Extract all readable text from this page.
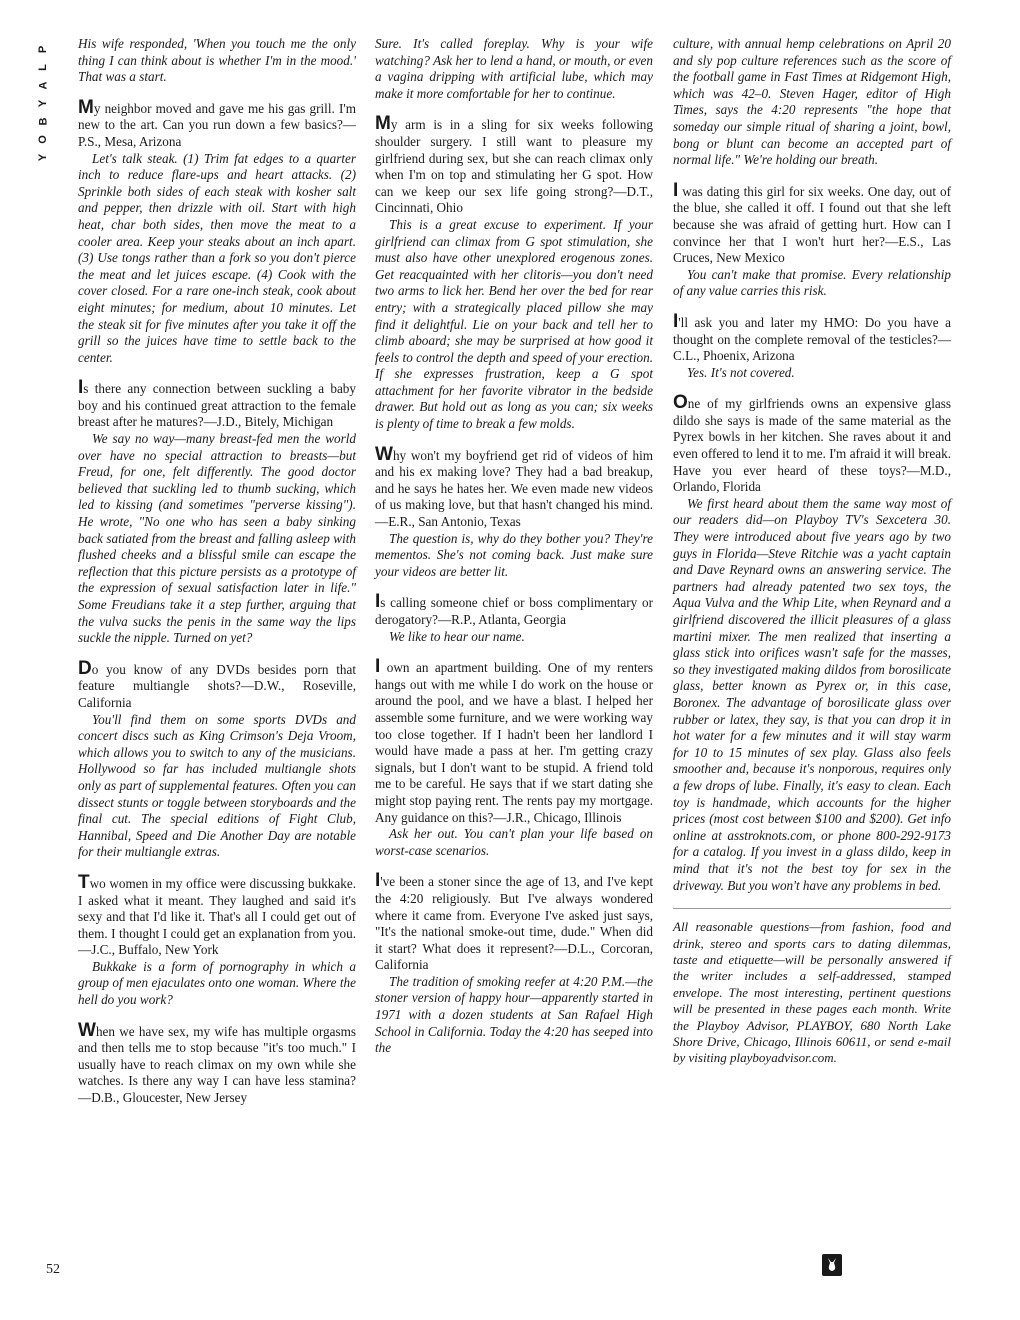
P
L
A
Y
B
O
Y

His wife responded, 'When you touch me the only thing I can think about is whether I'm in the mood.' That was a start.

My neighbor moved and gave me his gas grill. I'm new to the art. Can you run down a few basics?—P.S., Mesa, Arizona

Let's talk steak. (1) Trim fat edges to a quarter inch to reduce flare-ups and heart attacks. (2) Sprinkle both sides of each steak with kosher salt and pepper, then drizzle with oil. Start with high heat, char both sides, then move the meat to a cooler area. Keep your steaks about an inch apart. (3) Use tongs rather than a fork so you don't pierce the meat and let juices escape. (4) Cook with the cover closed. For a rare one-inch steak, cook about eight minutes; for medium, about 10 minutes. Let the steak sit for five minutes after you take it off the grill so the juices have time to settle back to the center.

Is there any connection between suckling a baby boy and his continued great attraction to the female breast after he matures?—J.D., Bitely, Michigan

We say no way—many breast-fed men the world over have no special attraction to breasts—but Freud, for one, felt differently. The good doctor believed that suckling led to thumb sucking, which led to kissing (and sometimes "perverse kissing"). He wrote, "No one who has seen a baby sinking back satiated from the breast and falling asleep with flushed cheeks and a blissful smile can escape the reflection that this picture persists as a prototype of the expression of sexual satisfaction later in life." Some Freudians take it a step further, arguing that the vulva sucks the penis in the same way the lips suckle the nipple. Turned on yet?

Do you know of any DVDs besides porn that feature multiangle shots?—D.W., Roseville, California

You'll find them on some sports DVDs and concert discs such as King Crimson's Deja Vroom, which allows you to switch to any of the musicians. Hollywood so far has included multiangle shots only as part of supplemental features. Often you can dissect stunts or toggle between storyboards and the final cut. The special editions of Fight Club, Hannibal, Speed and Die Another Day are notable for their multiangle extras.

Two women in my office were discussing bukkake. I asked what it meant. They laughed and said it's sexy and that I'd like it. That's all I could get out of them. I thought I could get an explanation from you.—J.C., Buffalo, New York

Bukkake is a form of pornography in which a group of men ejaculates onto one woman. Where the hell do you work?

When we have sex, my wife has multiple orgasms and then tells me to stop because "it's too much." I usually have to reach climax on my own while she watches. Is there any way I can have less stamina?—D.B., Gloucester, New Jersey

Sure. It's called foreplay. Why is your wife watching? Ask her to lend a hand, or mouth, or even a vagina dripping with artificial lube, which may make it more comfortable for her to continue.

My arm is in a sling for six weeks following shoulder surgery. I still want to pleasure my girlfriend during sex, but she can reach climax only when I'm on top and stimulating her G spot. How can we keep our sex life going strong?—D.T., Cincinnati, Ohio

This is a great excuse to experiment. If your girlfriend can climax from G spot stimulation, she must also have other unexplored erogenous zones. Get reacquainted with her clitoris—you don't need two arms to lick her. Bend her over the bed for rear entry; with a strategically placed pillow she may find it delightful. Lie on your back and tell her to climb aboard; she may be surprised at how good it feels to control the depth and speed of your erection. If she expresses frustration, keep a G spot attachment for her favorite vibrator in the bedside drawer. But hold out as long as you can; six weeks is plenty of time to break a few molds.

Why won't my boyfriend get rid of videos of him and his ex making love? They had a bad breakup, and he says he hates her. We even made new videos of us making love, but that hasn't changed his mind.—E.R., San Antonio, Texas

The question is, why do they bother you? They're mementos. She's not coming back. Just make sure your videos are better lit.

Is calling someone chief or boss complimentary or derogatory?—R.P., Atlanta, Georgia

We like to hear our name.

I own an apartment building. One of my renters hangs out with me while I do work on the house or around the pool, and we have a blast. I helped her assemble some furniture, and we were working way too close together. If I hadn't been her landlord I would have made a pass at her. I'm getting crazy signals, but I don't want to be stupid. A friend told me to be careful. He says that if we start dating she might stop paying rent. The rents pay my mortgage. Any guidance on this?—J.R., Chicago, Illinois

Ask her out. You can't plan your life based on worst-case scenarios.

I've been a stoner since the age of 13, and I've kept the 4:20 religiously. But I've always wondered where it came from. Everyone I've asked just says, "It's the national smoke-out time, dude." When did it start? What does it represent?—D.L., Corcoran, California

The tradition of smoking reefer at 4:20 P.M.—the stoner version of happy hour—apparently started in 1971 with a dozen students at San Rafael High School in California. Today the 4:20 has seeped into the

culture, with annual hemp celebrations on April 20 and sly pop culture references such as the score of the football game in Fast Times at Ridgemont High, which was 42–0. Steven Hager, editor of High Times, says the 4:20 represents "the hope that someday our simple ritual of sharing a joint, bowl, bong or blunt can become an accepted part of normal life." We're holding our breath.

I was dating this girl for six weeks. One day, out of the blue, she called it off. I found out that she left because she was afraid of getting hurt. How can I convince her that I won't hurt her?—E.S., Las Cruces, New Mexico

You can't make that promise. Every relationship of any value carries this risk.

I'll ask you and later my HMO: Do you have a thought on the complete removal of the testicles?—C.L., Phoenix, Arizona

Yes. It's not covered.

One of my girlfriends owns an expensive glass dildo she says is made of the same material as the Pyrex bowls in her kitchen. She raves about it and even offered to lend it to me. I'm afraid it will break. Have you ever heard of these toys?—M.D., Orlando, Florida

We first heard about them the same way most of our readers did—on Playboy TV's Sexcetera 30. They were introduced about five years ago by two guys in Florida—Steve Ritchie was a yacht captain and Dave Reynard owns an answering service. The partners had already patented two sex toys, the Aqua Vulva and the Whip Lite, when Reynard and a girlfriend discovered the illicit pleasures of a glass martini mixer. The men realized that inserting a glass stick into orifices wasn't safe for the masses, so they investigated making dildos from borosilicate glass, better known as Pyrex or, in this case, Boronex. The advantage of borosilicate glass over rubber or latex, they say, is that you can drop it in hot water for a few minutes and it will stay warm for 10 to 15 minutes of sex play. Glass also feels smoother and, because it's nonporous, requires only a few drops of lube. Finally, it's easy to clean. Each toy is handmade, which accounts for the higher prices (most cost between $100 and $200). Get info online at asstroknots.com, or phone 800-292-9173 for a catalog. If you invest in a glass dildo, keep in mind that it's not the best toy for sex in the driveway. But you won't have any problems in bed.

All reasonable questions—from fashion, food and drink, stereo and sports cars to dating dilemmas, taste and etiquette—will be personally answered if the writer includes a self-addressed, stamped envelope. The most interesting, pertinent questions will be presented in these pages each month. Write the Playboy Advisor, PLAYBOY, 680 North Lake Shore Drive, Chicago, Illinois 60611, or send e-mail by visiting playboyadvisor.com.
52
